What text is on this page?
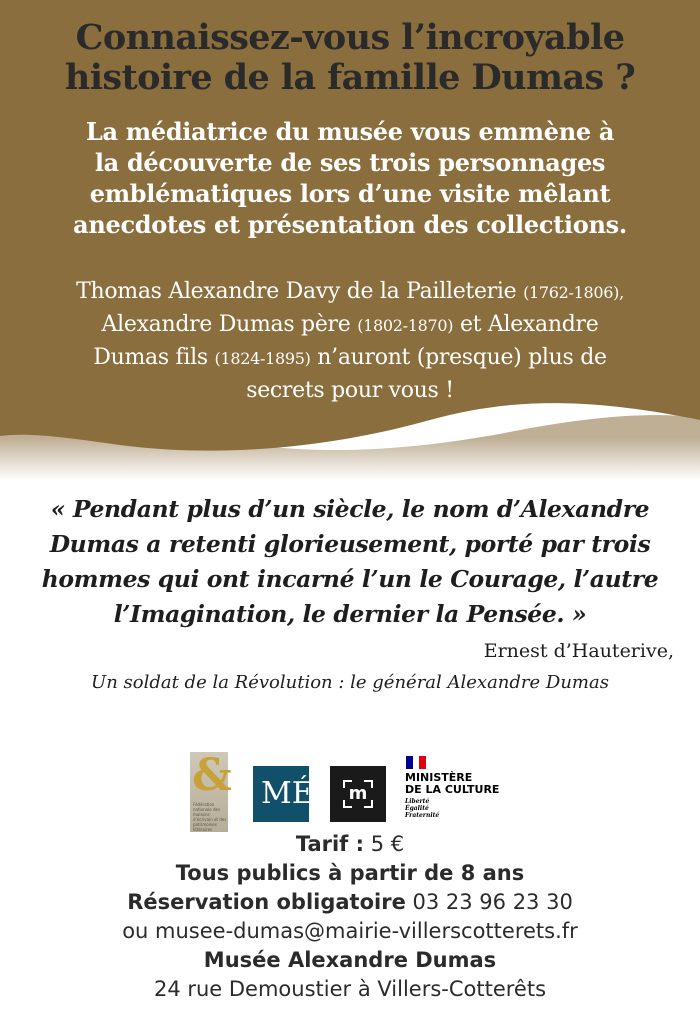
Connaissez-vous l’incroyable
histoire de la famille Dumas ?
La médiatrice du musée vous emmène à
la découverte de ses trois personnages
emblématiques lors d’une visite mêlant
anecdotes et présentation des collections.
Thomas Alexandre Davy de la Pailleterie (1762-1806),
Alexandre Dumas père (1802-1870) et Alexandre
Dumas fils (1824-1895) n’auront (presque) plus de
secrets pour vous !
« Pendant plus d’un siècle, le nom d’Alexandre
Dumas a retenti glorieusement, porté par trois
hommes qui ont incarné l’un le Courage, l’autre
l’Imagination, le dernier la Pensée. »
Ernest d’Hauterive,
Un soldat de la Révolution : le général Alexandre Dumas
&
Fédération nationale des maisons d’écrivain et des patrimoines littéraires
MÉ	m
MINISTÈRE
DE LA CULTURE
Liberté
Égalité
Fraternité
Tarif : 5 €
Tous publics à partir de 8 ans
Réservation obligatoire 03 23 96 23 30
ou musee-dumas@mairie-villerscotterets.fr
Musée Alexandre Dumas
24 rue Demoustier à Villers-Cotterêts
